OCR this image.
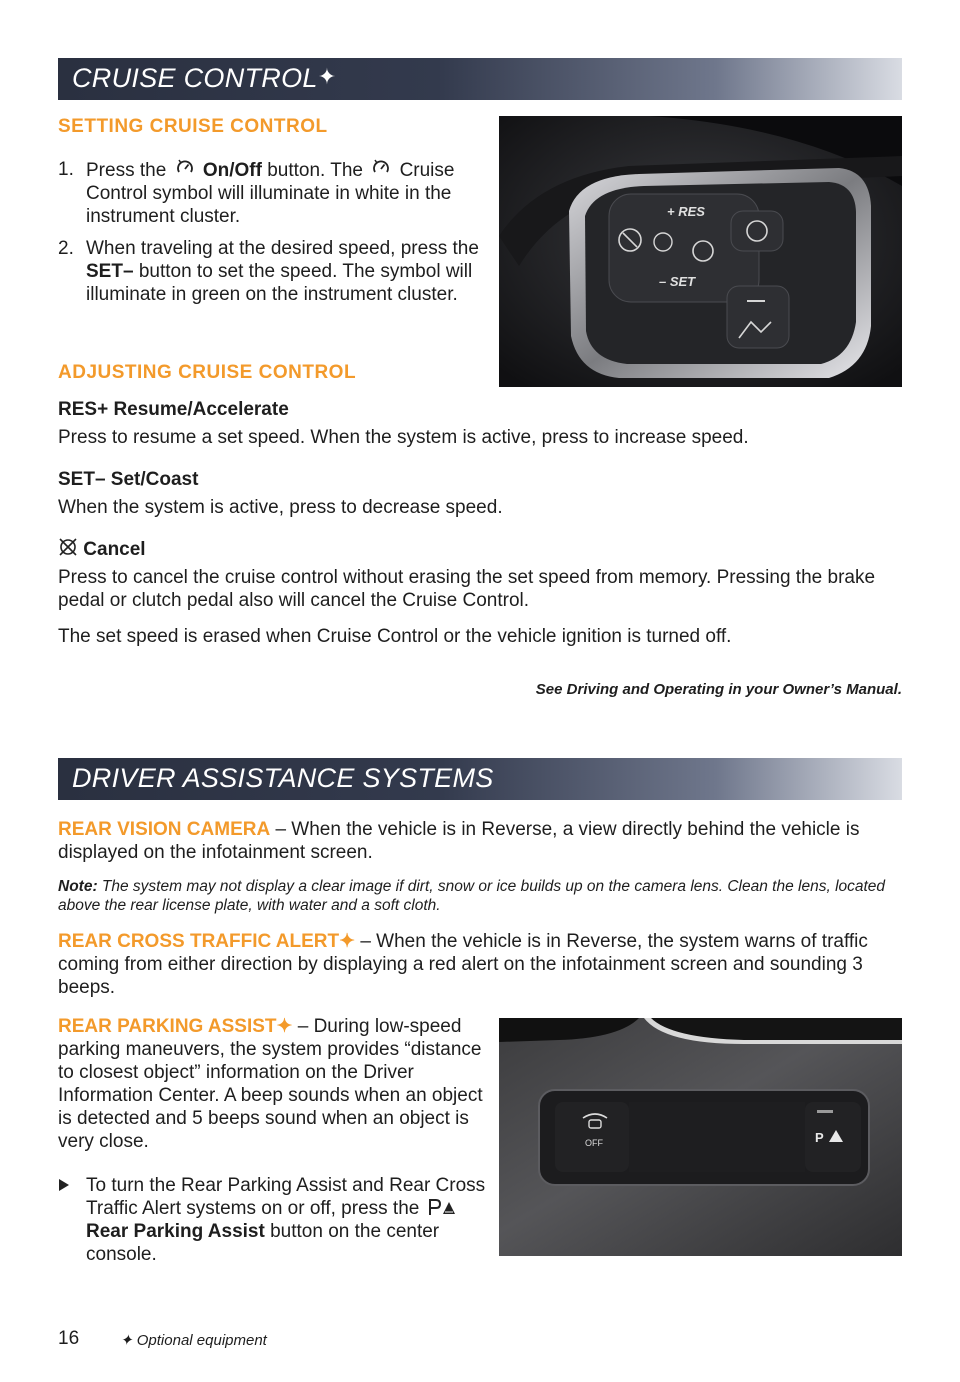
CRUISE CONTROL✦
SETTING CRUISE CONTROL
1. Press the On/Off button. The Cruise Control symbol will illuminate in white in the instrument cluster.
2. When traveling at the desired speed, press the SET– button to set the speed. The symbol will illuminate in green on the instrument cluster.
+ RES
– SET
ADJUSTING CRUISE CONTROL
RES+ Resume/Accelerate
Press to resume a set speed. When the system is active, press to increase speed.
SET– Set/Coast
When the system is active, press to decrease speed.
Cancel
Press to cancel the cruise control without erasing the set speed from memory. Pressing the brake pedal or clutch pedal also will cancel the Cruise Control.
The set speed is erased when Cruise Control or the vehicle ignition is turned off.
See Driving and Operating in your Owner’s Manual.
DRIVER ASSISTANCE SYSTEMS
REAR VISION CAMERA – When the vehicle is in Reverse, a view directly behind the vehicle is displayed on the infotainment screen.
Note: The system may not display a clear image if dirt, snow or ice builds up on the camera lens. Clean the lens, located above the rear license plate, with water and a soft cloth.
REAR CROSS TRAFFIC ALERT✦ – When the vehicle is in Reverse, the system warns of traffic coming from either direction by displaying a red alert on the infotainment screen and sounding 3 beeps.
REAR PARKING ASSIST✦ – During low-speed parking maneuvers, the system provides “distance to closest object” information on the Driver Information Center. A beep sounds when an object is detected and 5 beeps sound when an object is very close.
To turn the Rear Parking Assist and Rear Cross Traffic Alert systems on or off, press the  Rear Parking Assist button on the center console.
OFF	P
16	✦ Optional equipment
